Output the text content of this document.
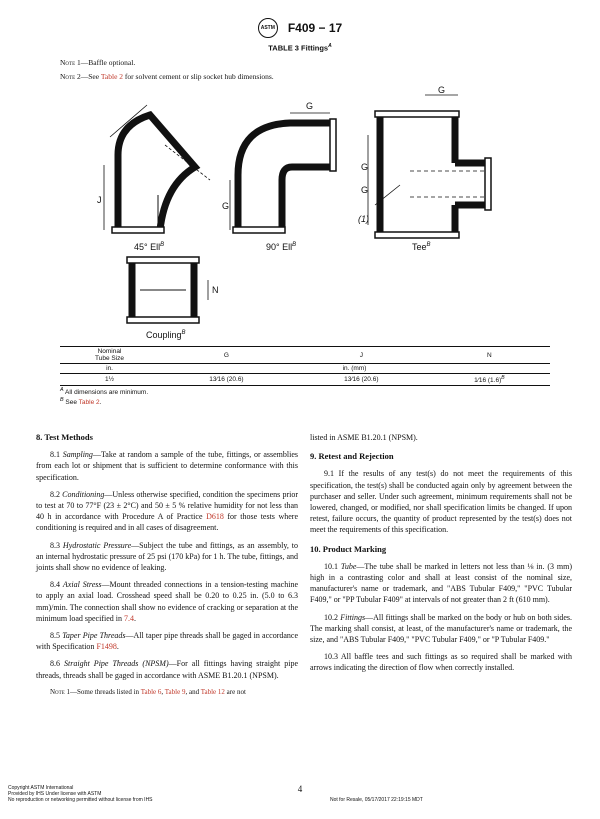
ASTM F409 − 17
TABLE 3 Fittings$^A$
Note 1—Baffle optional.
Note 2—See Table 2 for solvent cement or slip socket hub dimensions.
45° Ell$^B$	90° Ell$^B$	Tee$^B$
Coupling$^B$
(1)
J
J
G
G
G
G
G
N
Nominal
Tube Size	G	J	N
in.	in. (mm)		
1½	13⁄16 (20.6)	13⁄16 (20.6)	1⁄16 $(1.6)^B$
$^A$ All dimensions are minimum.
$^B$ See Table 2.
8. Test Methods

8.1 Sampling—Take at random a sample of the tube, fittings, or assemblies from each lot or shipment that is sufficient to determine conformance with this specification.

8.2 Conditioning—Unless otherwise specified, condition the specimens prior to test at 70 to 77°F (23 ± 2°C) and 50 ± 5 % relative humidity for not less than 40 h in accordance with Procedure A of Practice D618 for those tests where conditioning is required and in all cases of disagreement.

8.3 Hydrostatic Pressure—Subject the tube and fittings, as an assembly, to an internal hydrostatic pressure of 25 psi (170 kPa) for 1 h. The tube, fittings, and joints shall show no evidence of leaking.

8.4 Axial Stress—Mount threaded connections in a tension-testing machine to apply an axial load. Crosshead speed shall be 0.20 to 0.25 in. (5.0 to 6.3 mm)/min. The connection shall show no evidence of cracking or separation at the minimum load specified in 7.4.

8.5 Taper Pipe Threads—All taper pipe threads shall be gaged in accordance with Specification F1498.

8.6 Straight Pipe Threads (NPSM)—For all fittings having straight pipe threads, threads shall be gaged in accordance with ASME B1.20.1 (NPSM).

Note 1—Some threads listed in Table 6, Table 9, and Table 12 are not

listed in ASME B1.20.1 (NPSM).

9. Retest and Rejection

9.1 If the results of any test(s) do not meet the requirements of this specification, the test(s) shall be conducted again only by agreement between the purchaser and seller. Under such agreement, minimum requirements shall not be lowered, changed, or modified, nor shall specification limits be changed. If upon retest, failure occurs, the quantity of product represented by the test(s) does not meet the requirements of this specification.

10. Product Marking

10.1 Tube—The tube shall be marked in letters not less than ⅛ in. (3 mm) high in a contrasting color and shall at least consist of the nominal size, manufacturer's name or trademark, and "ABS Tubular F409," "PVC Tubular F409," or "PP Tubular F409" at intervals of not greater than 2 ft (610 mm).

10.2 Fittings—All fittings shall be marked on the body or hub on both sides. The marking shall consist, at least, of the manufacturer's name or trademark, the size, and "ABS Tubular F409," "PVC Tubular F409," or "P Tubular F409."

10.3 All baffle tees and such fittings as so required shall be marked with arrows indicating the direction of flow when correctly installed.

Copyright ASTM International
Provided by IHS Under license with ASTM
No reproduction or networking permitted without license from IHS
4
Not for Resale, 05/17/2017 22:19:15 MDT
